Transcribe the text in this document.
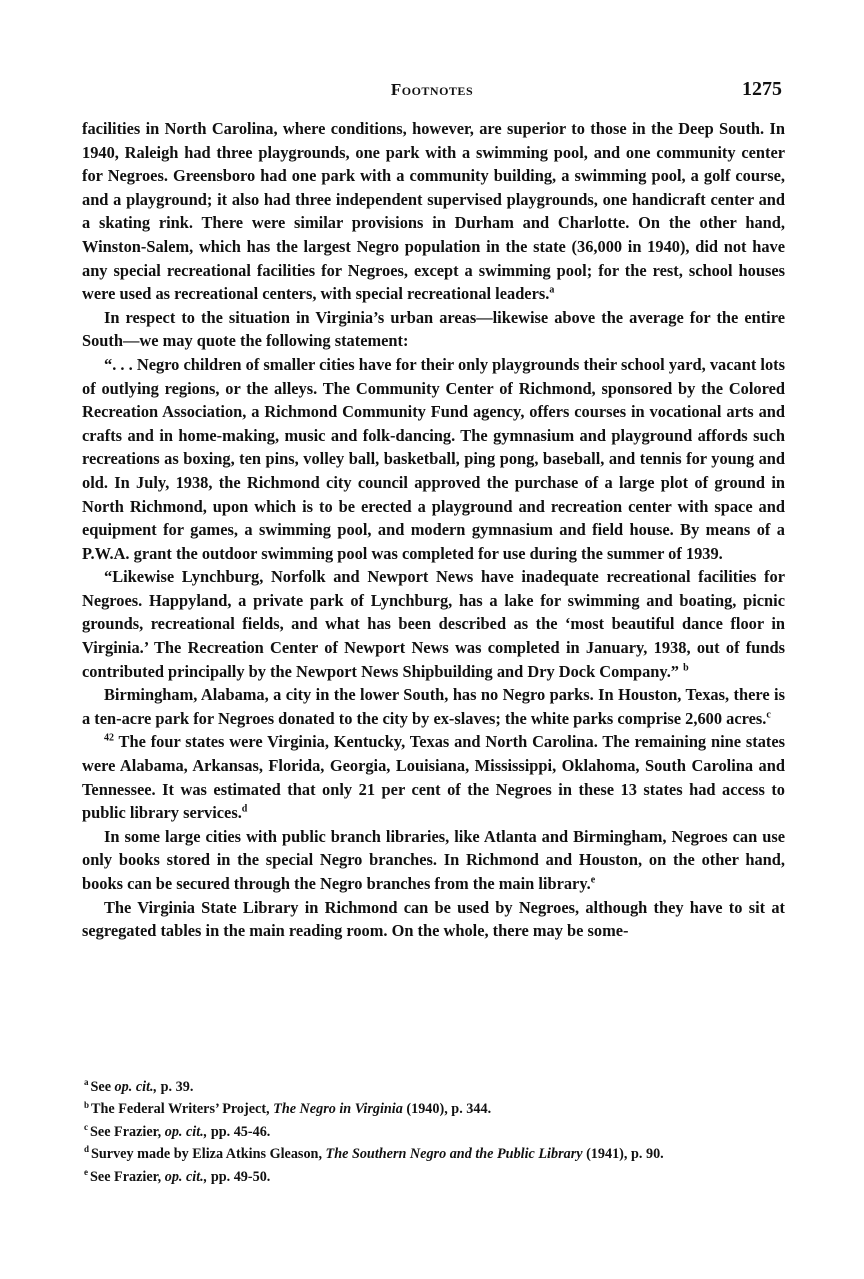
Footnotes	1275

facilities in North Carolina, where conditions, however, are superior to those in the Deep South. In 1940, Raleigh had three playgrounds, one park with a swimming pool, and one community center for Negroes. Greensboro had one park with a community building, a swimming pool, a golf course, and a playground; it also had three independent supervised playgrounds, one handicraft center and a skating rink. There were similar provisions in Durham and Charlotte. On the other hand, Winston-Salem, which has the largest Negro population in the state (36,000 in 1940), did not have any special recreational facilities for Negroes, except a swimming pool; for the rest, school houses were used as recreational centers, with special recreational leaders.$^a$

In respect to the situation in Virginia’s urban areas—likewise above the average for the entire South—we may quote the following statement:

“. . . Negro children of smaller cities have for their only playgrounds their school yard, vacant lots of outlying regions, or the alleys. The Community Center of Richmond, sponsored by the Colored Recreation Association, a Richmond Community Fund agency, offers courses in vocational arts and crafts and in home-making, music and folk-dancing. The gymnasium and playground affords such recreations as boxing, ten pins, volley ball, basketball, ping pong, baseball, and tennis for young and old. In July, 1938, the Richmond city council approved the purchase of a large plot of ground in North Richmond, upon which is to be erected a playground and recreation center with space and equipment for games, a swimming pool, and modern gymnasium and field house. By means of a P.W.A. grant the outdoor swimming pool was completed for use during the summer of 1939.

“Likewise Lynchburg, Norfolk and Newport News have inadequate recreational facilities for Negroes. Happyland, a private park of Lynchburg, has a lake for swimming and boating, picnic grounds, recreational fields, and what has been described as the ‘most beautiful dance floor in Virginia.’ The Recreation Center of Newport News was completed in January, 1938, out of funds contributed principally by the Newport News Shipbuilding and Dry Dock Company.” $^b$

Birmingham, Alabama, a city in the lower South, has no Negro parks. In Houston, Texas, there is a ten-acre park for Negroes donated to the city by ex-slaves; the white parks comprise 2,600 acres.$^c$

$^{42}$ The four states were Virginia, Kentucky, Texas and North Carolina. The remaining nine states were Alabama, Arkansas, Florida, Georgia, Louisiana, Mississippi, Oklahoma, South Carolina and Tennessee. It was estimated that only 21 per cent of the Negroes in these 13 states had access to public library services.$^d$

In some large cities with public branch libraries, like Atlanta and Birmingham, Negroes can use only books stored in the special Negro branches. In Richmond and Houston, on the other hand, books can be secured through the Negro branches from the main library.$^e$

The Virginia State Library in Richmond can be used by Negroes, although they have to sit at segregated tables in the main reading room. On the whole, there may be some-

$^a$ See op. cit., p. 39.

$^b$ The Federal Writers’ Project, The Negro in Virginia (1940), p. 344.

$^c$ See Frazier, op. cit., pp. 45-46.

$^d$ Survey made by Eliza Atkins Gleason, The Southern Negro and the Public Library (1941), p. 90.

$^e$ See Frazier, op. cit., pp. 49-50.
